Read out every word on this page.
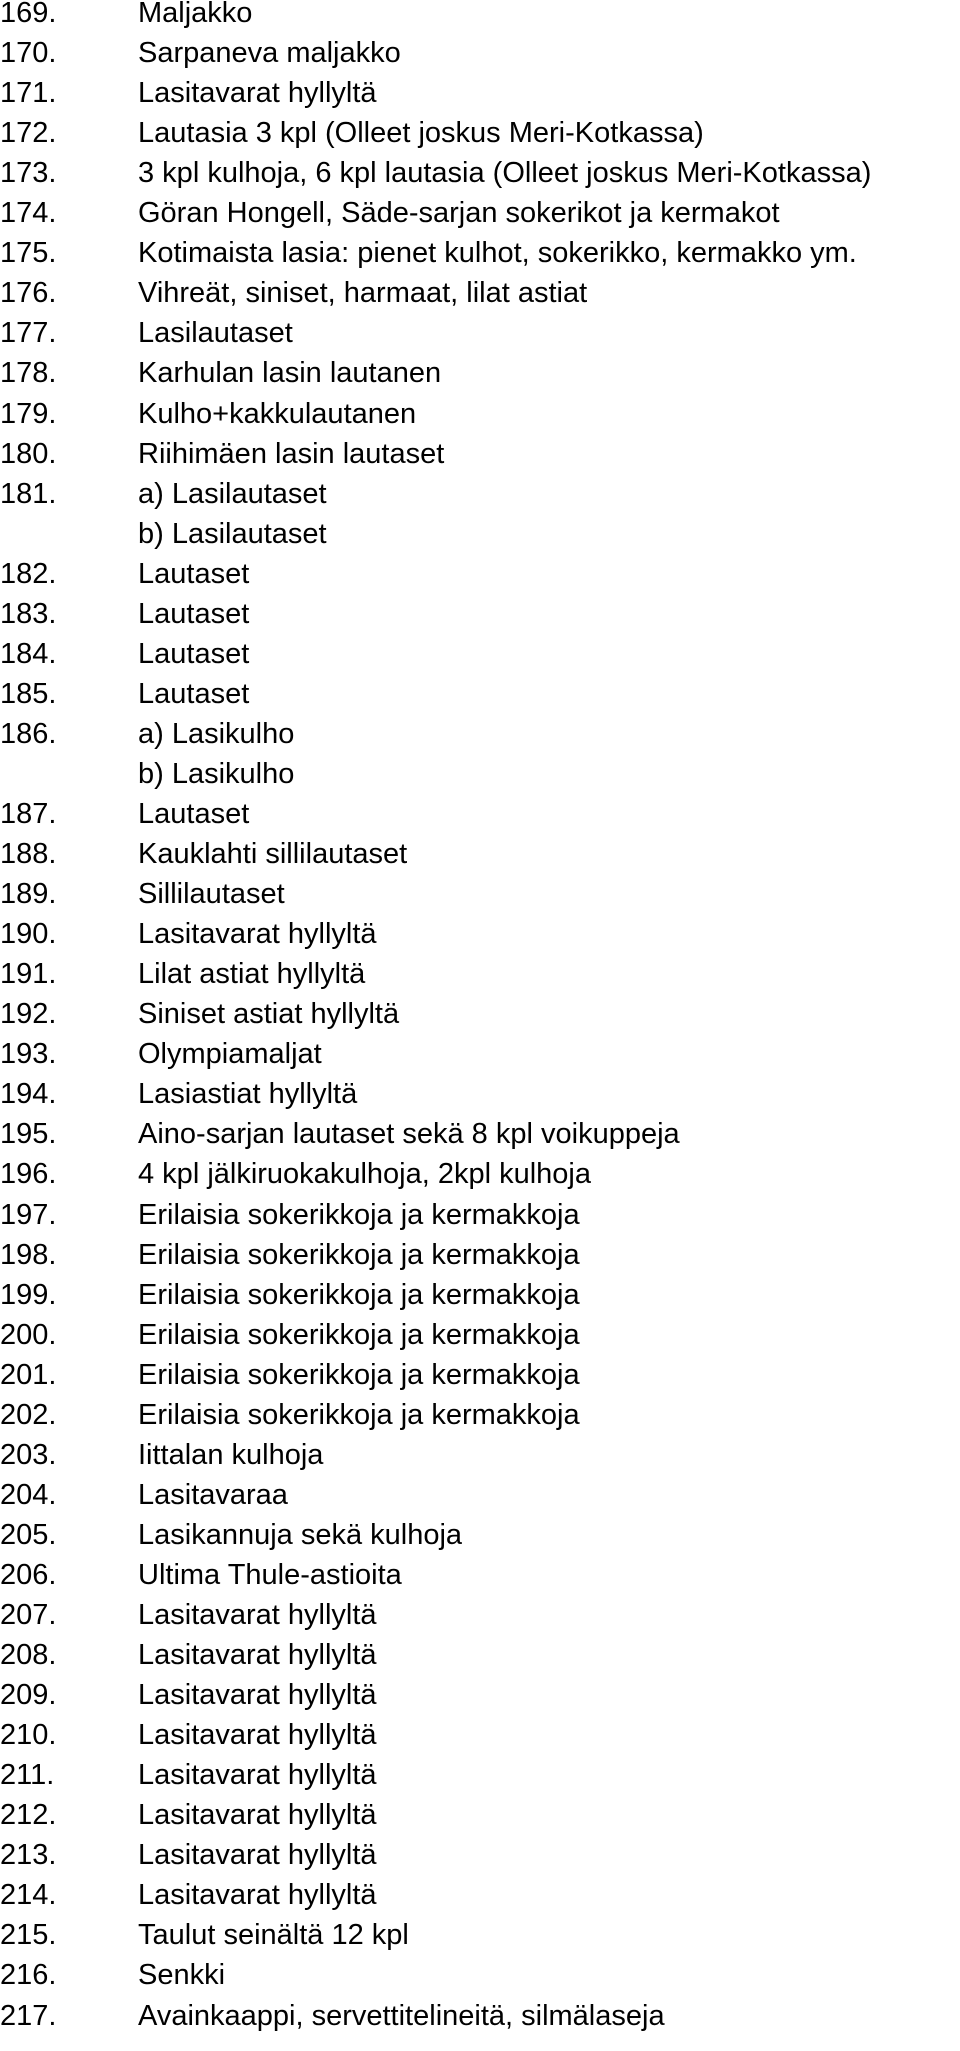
169.	Maljakko
170.	Sarpaneva maljakko
171.	Lasitavarat hyllyltä
172.	Lautasia 3 kpl (Olleet joskus Meri-Kotkassa)
173.	3 kpl kulhoja, 6 kpl lautasia (Olleet joskus Meri-Kotkassa)
174.	Göran Hongell, Säde-sarjan sokerikot ja kermakot
175.	Kotimaista lasia: pienet kulhot, sokerikko, kermakko ym.
176.	Vihreät, siniset, harmaat, lilat astiat
177.	Lasilautaset
178.	Karhulan lasin lautanen
179.	Kulho+kakkulautanen
180.	Riihimäen lasin lautaset
181.	a) Lasilautaset
b) Lasilautaset
182.	Lautaset
183.	Lautaset
184.	Lautaset
185.	Lautaset
186.	a) Lasikulho
b) Lasikulho
187.	Lautaset
188.	Kauklahti sillilautaset
189.	Sillilautaset
190.	Lasitavarat hyllyltä
191.	Lilat astiat hyllyltä
192.	Siniset astiat hyllyltä
193.	Olympiamaljat
194.	Lasiastiat hyllyltä
195.	Aino-sarjan lautaset sekä 8 kpl voikuppeja
196.	4 kpl jälkiruokakulhoja, 2kpl kulhoja
197.	Erilaisia sokerikkoja ja kermakkoja
198.	Erilaisia sokerikkoja ja kermakkoja
199.	Erilaisia sokerikkoja ja kermakkoja
200.	Erilaisia sokerikkoja ja kermakkoja
201.	Erilaisia sokerikkoja ja kermakkoja
202.	Erilaisia sokerikkoja ja kermakkoja
203.	Iittalan kulhoja
204.	Lasitavaraa
205.	Lasikannuja sekä kulhoja
206.	Ultima Thule-astioita
207.	Lasitavarat hyllyltä
208.	Lasitavarat hyllyltä
209.	Lasitavarat hyllyltä
210.	Lasitavarat hyllyltä
211.	Lasitavarat hyllyltä
212.	Lasitavarat hyllyltä
213.	Lasitavarat hyllyltä
214.	Lasitavarat hyllyltä
215.	Taulut seinältä 12 kpl
216.	Senkki
217.	Avainkaappi, servettitelineitä, silmälaseja
